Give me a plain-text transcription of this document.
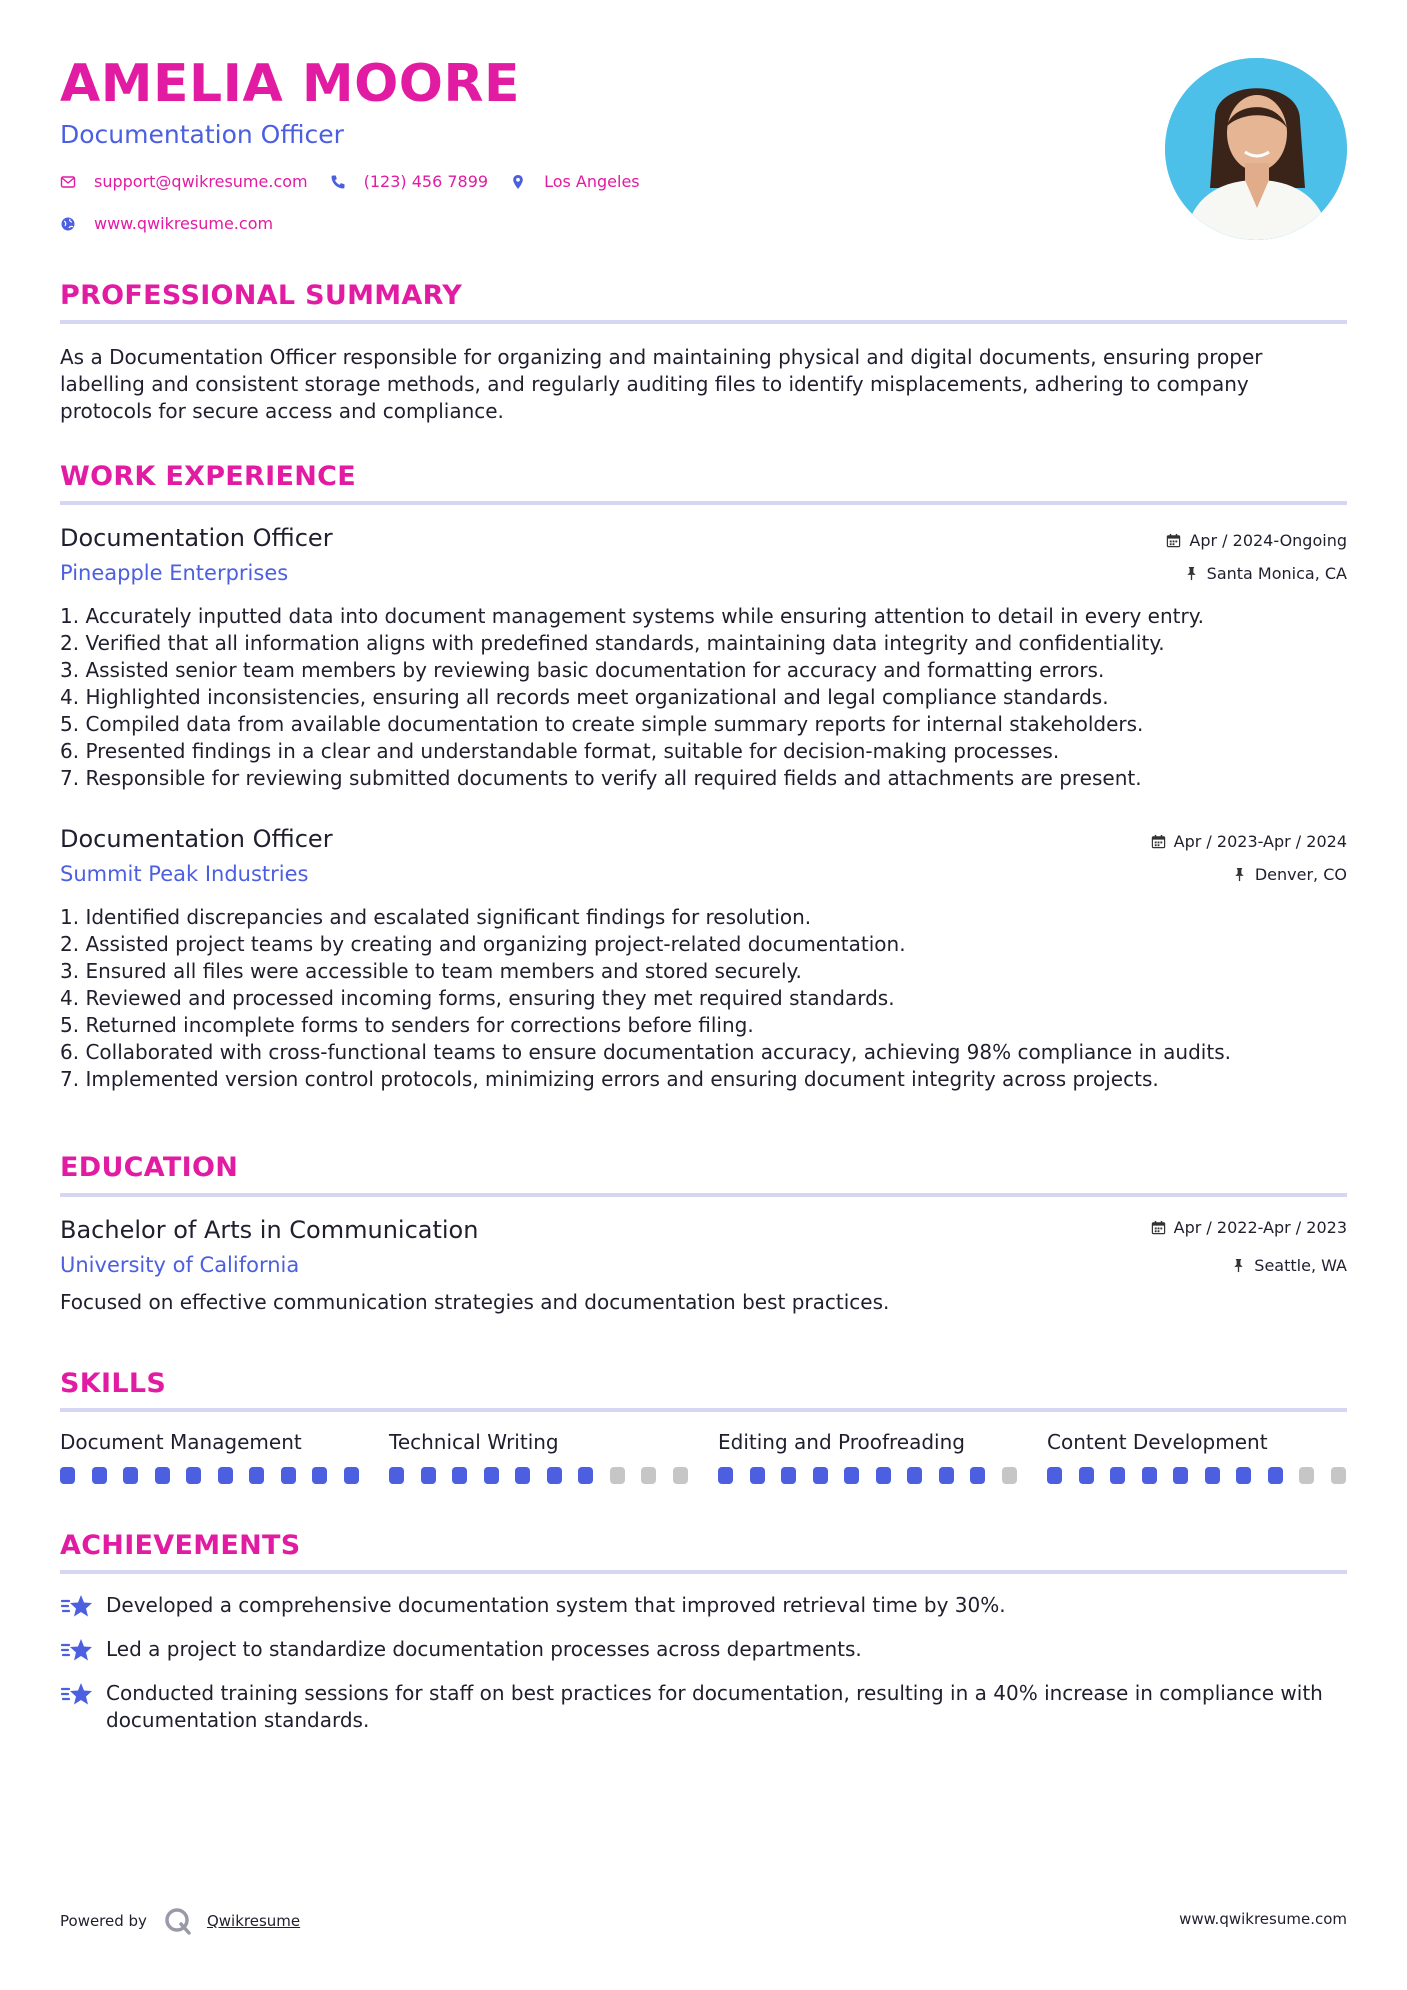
AMELIA MOORE
Documentation Officer
support@qwikresume.com	(123) 456 7899	Los Angeles
www.qwikresume.com
PROFESSIONAL SUMMARY
As a Documentation Officer responsible for organizing and maintaining physical and digital documents, ensuring proper labelling and consistent storage methods, and regularly auditing files to identify misplacements, adhering to company protocols for secure access and compliance.
WORK EXPERIENCE
Documentation Officer
Pineapple Enterprises
Apr / 2024-Ongoing
Santa Monica, CA
1. Accurately inputted data into document management systems while ensuring attention to detail in every entry.
2. Verified that all information aligns with predefined standards, maintaining data integrity and confidentiality.
3. Assisted senior team members by reviewing basic documentation for accuracy and formatting errors.
4. Highlighted inconsistencies, ensuring all records meet organizational and legal compliance standards.
5. Compiled data from available documentation to create simple summary reports for internal stakeholders.
6. Presented findings in a clear and understandable format, suitable for decision-making processes.
7. Responsible for reviewing submitted documents to verify all required fields and attachments are present.
Documentation Officer
Summit Peak Industries
Apr / 2023-Apr / 2024
Denver, CO
1. Identified discrepancies and escalated significant findings for resolution.
2. Assisted project teams by creating and organizing project-related documentation.
3. Ensured all files were accessible to team members and stored securely.
4. Reviewed and processed incoming forms, ensuring they met required standards.
5. Returned incomplete forms to senders for corrections before filing.
6. Collaborated with cross-functional teams to ensure documentation accuracy, achieving 98% compliance in audits.
7. Implemented version control protocols, minimizing errors and ensuring document integrity across projects.
EDUCATION
Bachelor of Arts in Communication
University of California
Apr / 2022-Apr / 2023
Seattle, WA
Focused on effective communication strategies and documentation best practices.
SKILLS
Document Management	Technical Writing	Editing and Proofreading	Content Development
ACHIEVEMENTS
Developed a comprehensive documentation system that improved retrieval time by 30%.
Led a project to standardize documentation processes across departments.
Conducted training sessions for staff on best practices for documentation, resulting in a 40% increase in compliance with documentation standards.
Powered by	Qwikresume	www.qwikresume.com
